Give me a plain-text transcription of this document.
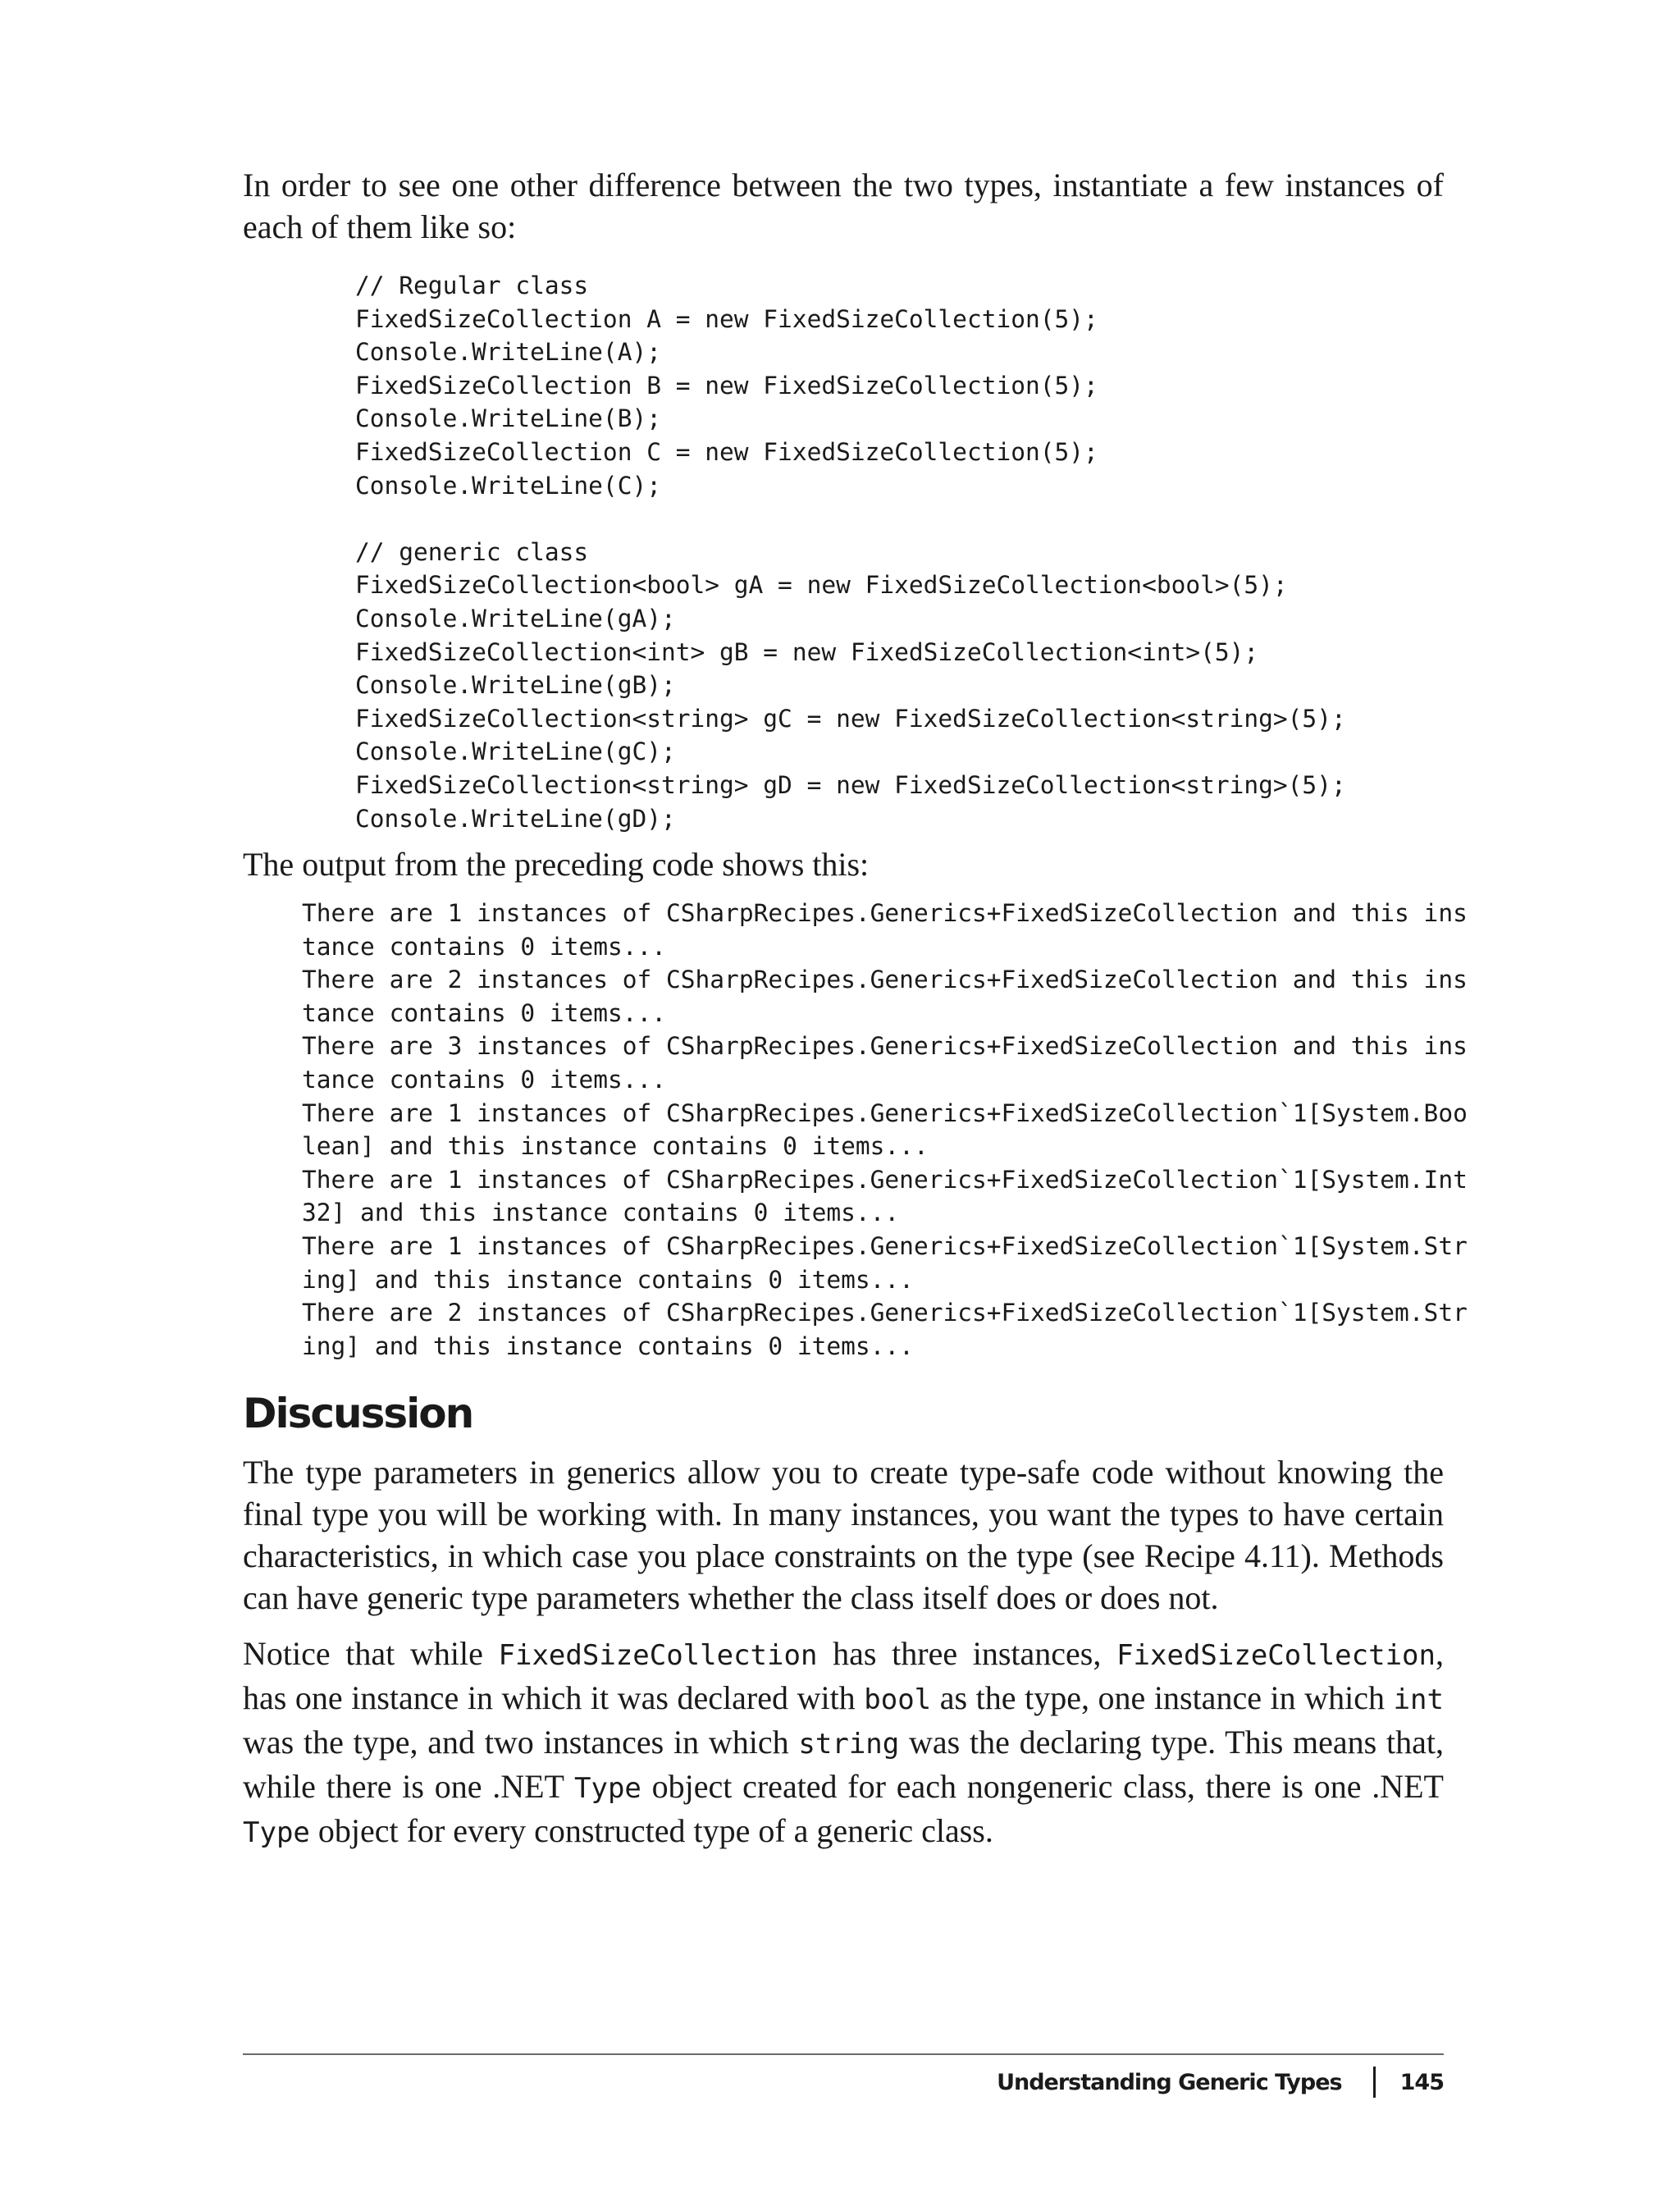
In order to see one other difference between the two types, instantiate a few instances of each of them like so:

// Regular class
FixedSizeCollection A = new FixedSizeCollection(5);
Console.WriteLine(A);
FixedSizeCollection B = new FixedSizeCollection(5);
Console.WriteLine(B);
FixedSizeCollection C = new FixedSizeCollection(5);
Console.WriteLine(C);
// generic class
FixedSizeCollection<bool> gA = new FixedSizeCollection<bool>(5);
Console.WriteLine(gA);
FixedSizeCollection<int> gB = new FixedSizeCollection<int>(5);
Console.WriteLine(gB);
FixedSizeCollection<string> gC = new FixedSizeCollection<string>(5);
Console.WriteLine(gC);
FixedSizeCollection<string> gD = new FixedSizeCollection<string>(5);
Console.WriteLine(gD);

The output from the preceding code shows this:

There are 1 instances of CSharpRecipes.Generics+FixedSizeCollection and this ins
tance contains 0 items...
There are 2 instances of CSharpRecipes.Generics+FixedSizeCollection and this ins
tance contains 0 items...
There are 3 instances of CSharpRecipes.Generics+FixedSizeCollection and this ins
tance contains 0 items...
There are 1 instances of CSharpRecipes.Generics+FixedSizeCollection`1[System.Boo
lean] and this instance contains 0 items...
There are 1 instances of CSharpRecipes.Generics+FixedSizeCollection`1[System.Int
32] and this instance contains 0 items...
There are 1 instances of CSharpRecipes.Generics+FixedSizeCollection`1[System.Str
ing] and this instance contains 0 items...
There are 2 instances of CSharpRecipes.Generics+FixedSizeCollection`1[System.Str
ing] and this instance contains 0 items...
Discussion

The type parameters in generics allow you to create type-safe code without knowing the final type you will be working with. In many instances, you want the types to have certain characteristics, in which case you place constraints on the type (see Recipe 4.11). Methods can have generic type parameters whether the class itself does or does not.

Notice that while FixedSizeCollection has three instances, FixedSizeCollection, has one instance in which it was declared with bool as the type, one instance in which int was the type, and two instances in which string was the declaring type. This means that, while there is one .NET Type object created for each nongeneric class, there is one .NET Type object for every constructed type of a generic class.

Understanding Generic Types	145
